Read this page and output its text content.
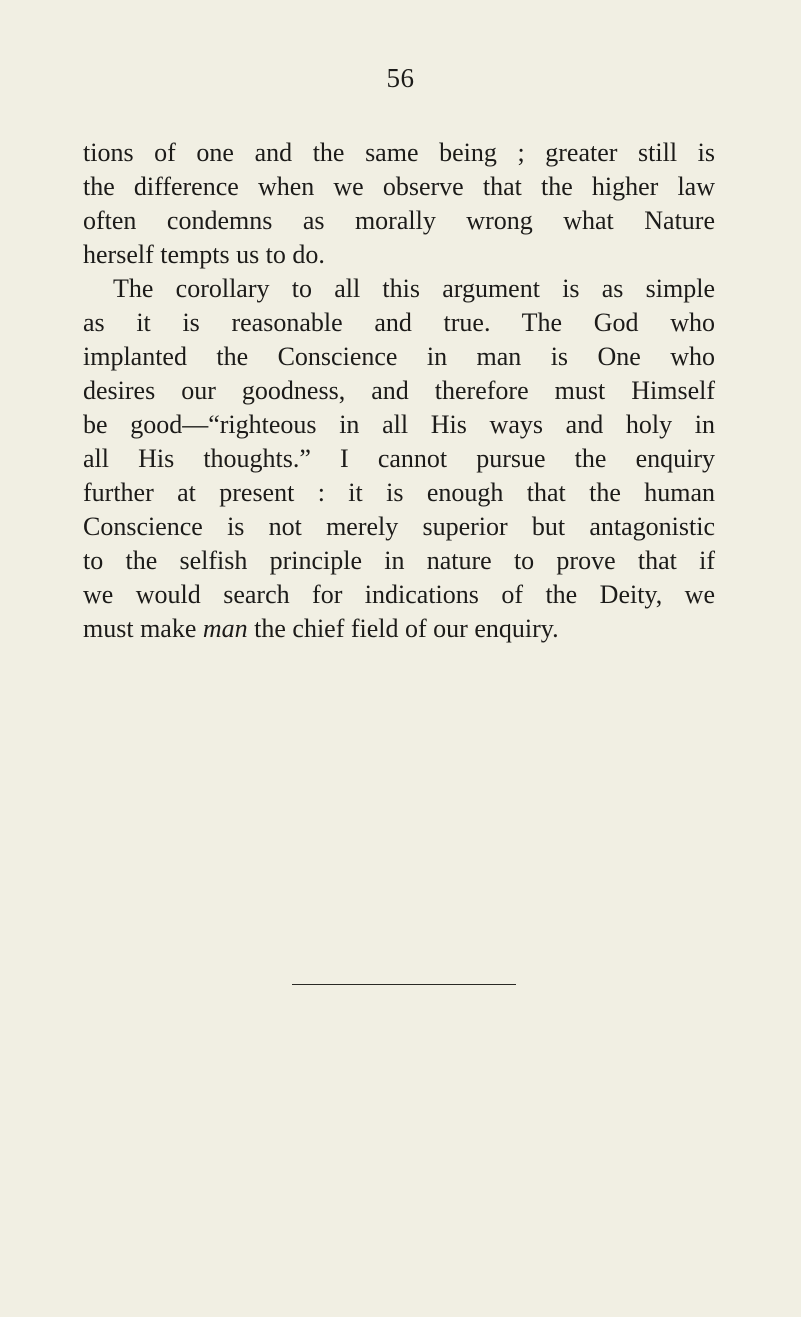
56
tions of one and the same being ; greater still is
the difference when we observe that the higher law
often condemns as morally wrong what Nature
herself tempts us to do.
The corollary to all this argument is as simple
as it is reasonable and true. The God who
implanted the Conscience in man is One who
desires our goodness, and therefore must Himself
be good—“righteous in all His ways and holy in
all His thoughts.” I cannot pursue the enquiry
further at present : it is enough that the human
Conscience is not merely superior but antagonistic
to the selfish principle in nature to prove that if
we would search for indications of the Deity, we
must make man the chief field of our enquiry.
